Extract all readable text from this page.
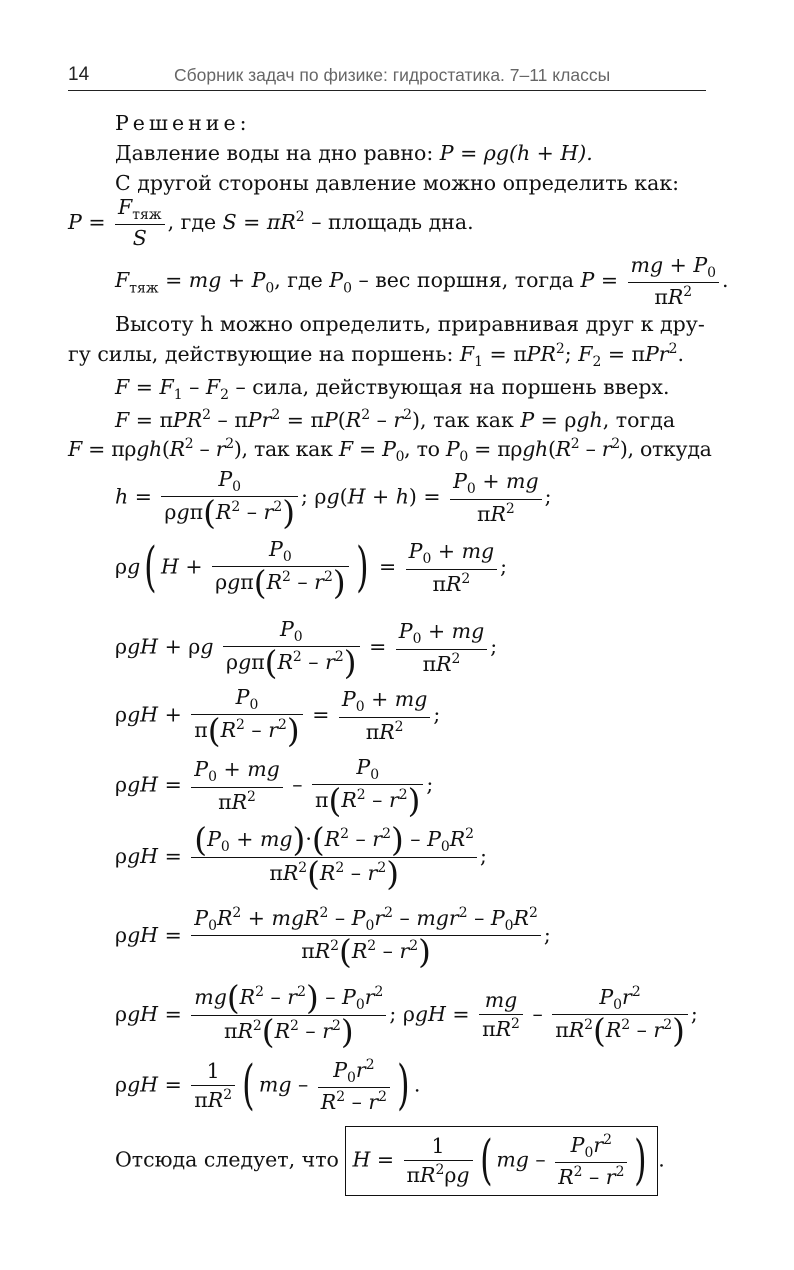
14	Сборник задач по физике: гидростатика. 7–11 классы
Решение:
Давление воды на дно равно: P = ρg(h + H).
С другой стороны давление можно определить как:
$P = \frac{F_{тяж}}{S}$ , где $S = \pi R^2$ – площадь дна.
$F_{тяж}$ = mg + $P_0$, где $P_0$ – вес поршня, тогда $P = \frac{mg + P_0}{\pi R^2}$ .
Высоту h можно определить, приравнивая друг к дру-
гу силы, действующие на поршень: $F_1 = \pi PR^2$; $F_2 = \pi Pr^2$.
$F = F_1 - F_2$ – сила, действующая на поршень вверх.
$F = \pi PR^2 - \pi Pr^2 = \pi P(R^2 - r^2)$, так как P = ρgh, тогда
$F = \pi\rho gh(R^2 - r^2)$, так как $F = P_0$, то $P_0 = \pi\rho gh(R^2 - r^2)$, откуда
$h = \frac{P_0}{\rho g\pi(R^2 - r^2)}$ ; $\rho g(H + h) = \frac{P_0 + mg}{\pi R^2}$ ;
ρg( $H + \frac{P_0}{\rho g\pi(R^2 - r^2)}$ ) = $\frac{P_0 + mg}{\pi R^2}$ ;
ρgH + ρg $\frac{P_0}{\rho g\pi(R^2 - r^2)} = \frac{P_0 + mg}{\pi R^2}$ ;
$\rho gH + \frac{P_0}{\pi(R^2 - r^2)} = \frac{P_0 + mg}{\pi R^2}$ ;
$\rho gH = \frac{P_0 + mg}{\pi R^2} - \frac{P_0}{\pi(R^2 - r^2)}$ ;
$\rho gH = \frac{(P_0 + mg)\cdot(R^2 - r^2) - P_0R^2}{\pi R^2(R^2 - r^2)}$ ;
$\rho gH = \frac{P_0R^2 + mgR^2 - P_0r^2 - mgr^2 - P_0R^2}{\pi R^2(R^2 - r^2)}$ ;
$\rho gH = \frac{mg(R^2 - r^2) - P_0r^2}{\pi R^2(R^2 - r^2)}$ ; $\rho gH = \frac{mg}{\pi R^2} - \frac{P_0r^2}{\pi R^2(R^2 - r^2)}$ ;
$\rho gH = \frac{1}{\pi R^2}$ ( mg – $\frac{P_0r^2}{R^2 - r^2}$ ) .
Отсюда следует, что $H = \frac{1}{\pi R^2\rho g}$ ( mg – $\frac{P_0r^2}{R^2 - r^2}$ ) .
